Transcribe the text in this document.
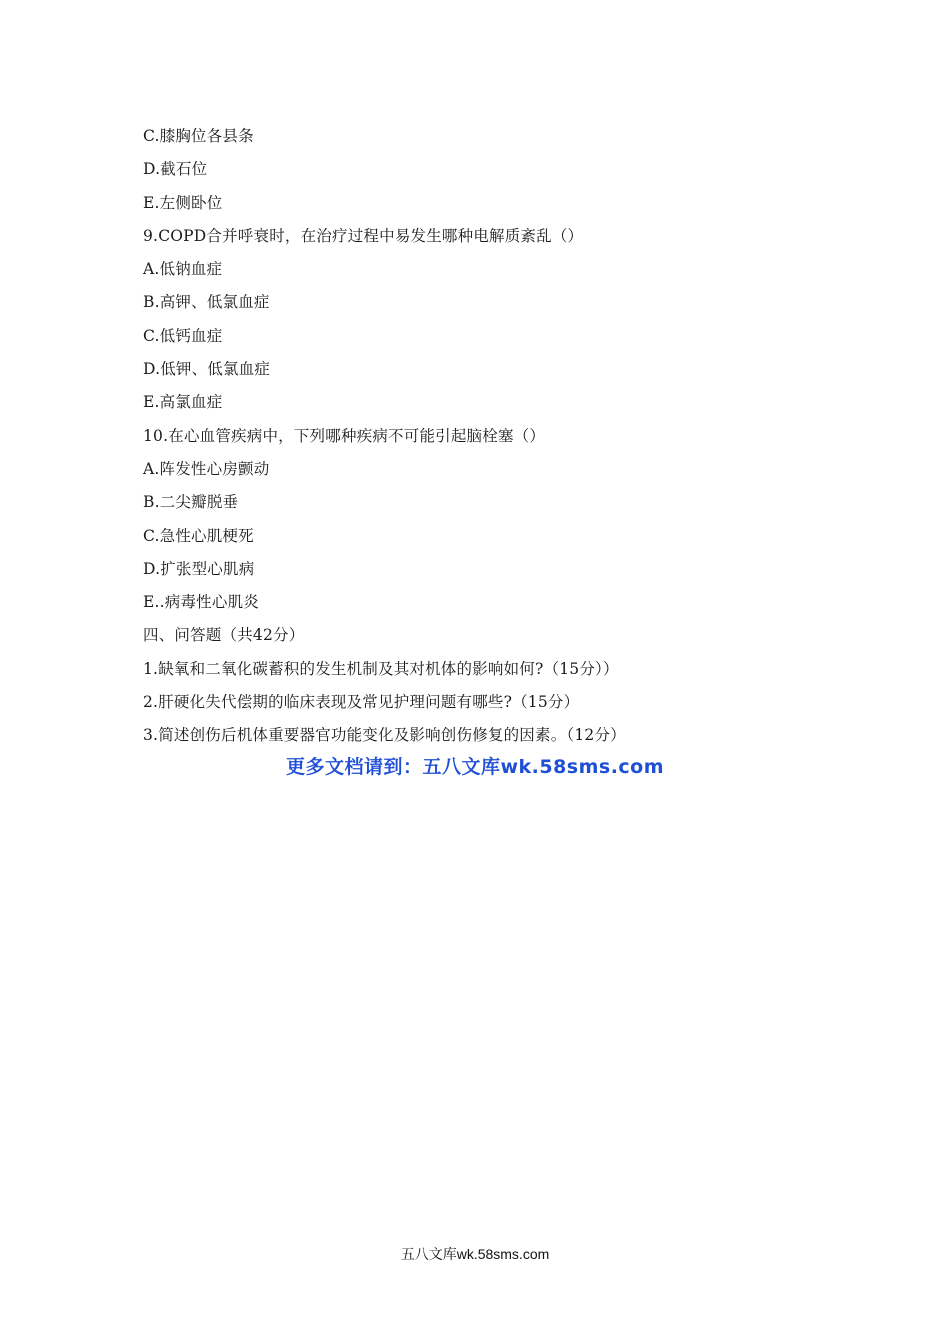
C.膝胸位各县条
D.截石位
E.左侧卧位
9.COPD合并呼衰时，在治疗过程中易发生哪种电解质紊乱（）
A.低钠血症
B.高钾、低氯血症
C.低钙血症
D.低钾、低氯血症
E.高氯血症
10.在心血管疾病中，下列哪种疾病不可能引起脑栓塞（）
A.阵发性心房颤动
B.二尖瓣脱垂
C.急性心肌梗死
D.扩张型心肌病
E..病毒性心肌炎
四、问答题（共42分）
1.缺氧和二氧化碳蓄积的发生机制及其对机体的影响如何?（15分））
2.肝硬化失代偿期的临床表现及常见护理问题有哪些?（15分）
3.简述创伤后机体重要器官功能变化及影响创伤修复的因素。（12分）
更多文档请到：五八文库wk.58sms.com
五八文库wk.58sms.com
